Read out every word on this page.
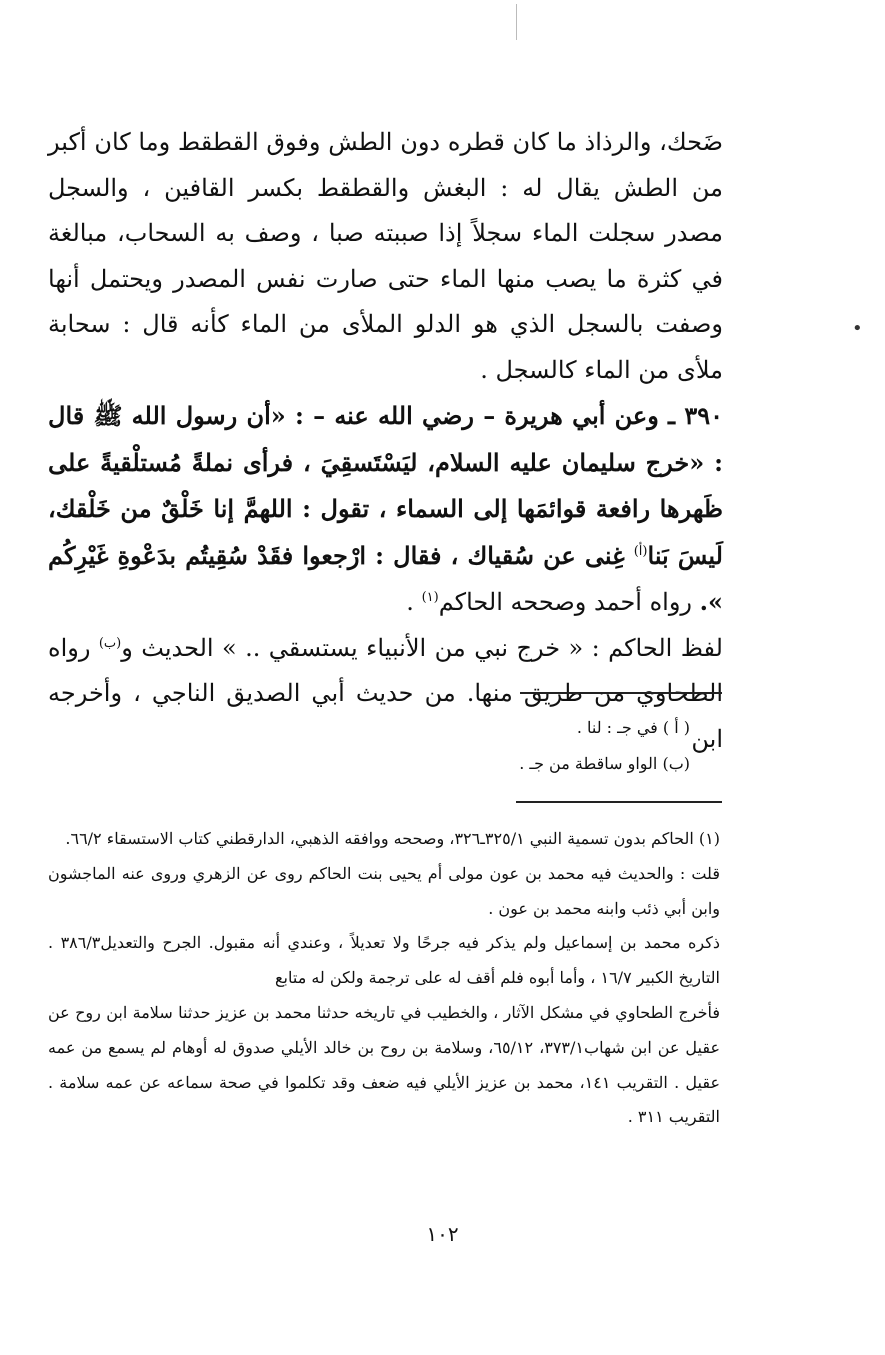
•

ضَحك، والرذاذ ما كان قطره دون الطش وفوق القطقط وما كان أكبر من الطش يقال له : البغش والقطقط بكسر القافين ، والسجل مصدر سجلت الماء سجلاً إذا صببته صبا ، وصف به السحاب، مبالغة في كثرة ما يصب منها الماء حتى صارت نفس المصدر ويحتمل أنها وصفت بالسجل الذي هو الدلو الملأى من الماء كأنه قال : سحابة ملأى من الماء كالسجل .

٣٩٠ ـ وعن أبي هريرة – رضي الله عنه – : «أن رسول الله ﷺ قال : «خرج سليمان عليه السلام، ليَسْتَسقِيَ ، فرأى نملةً مُستلْقيةً على ظَهرها رافعة قوائمَها إلى السماء ، تقول : اللهمَّ إنا خَلْقٌ من خَلْقك، لَيسَ بَنا$^{(أ)}$ غِنى عن سُقياك ، فقال : ارْجعوا فقَدْ سُقِيتُم بدَعْوةِ غَيْرِكُم ». رواه أحمد وصححه الحاكم$^{(١)}$ .

لفظ الحاكم : « خرج نبي من الأنبياء يستسقي .. » الحديث و$^{(ب)}$ رواه الطحاوي من طريق منها. من حديث أبي الصديق الناجي ، وأخرجه ابن

( أ ) في جـ : لنا .
(ب) الواو ساقطة من جـ .

(١) الحاكم بدون تسمية النبي ٣٢٥/١ـ٣٢٦، وصححه ووافقه الذهبي، الدارقطني كتاب الاستسقاء ٦٦/٢.

قلت : والحديث فيه محمد بن عون مولى أم يحيى بنت الحاكم روى عن الزهري وروى عنه الماجشون وابن أبي ذئب وابنه محمد بن عون .

ذكره محمد بن إسماعيل ولم يذكر فيه جرحًا ولا تعديلاً ، وعندي أنه مقبول. الجرح والتعديل٣٨٦/٣ . التاريخ الكبير ١٦/٧ ، وأما أبوه فلم أقف له على ترجمة ولكن له متابع

فأخرج الطحاوي في مشكل الآثار ، والخطيب في تاريخه حدثنا محمد بن عزيز حدثنا سلامة ابن روح عن عقيل عن ابن شهاب٣٧٣/١، ٦٥/١٢، وسلامة بن روح بن خالد الأيلي صدوق له أوهام لم يسمع من عمه عقيل . التقريب ١٤١، محمد بن عزيز الأيلي فيه ضعف وقد تكلموا في صحة سماعه عن عمه سلامة . التقريب ٣١١ .

١٠٢
